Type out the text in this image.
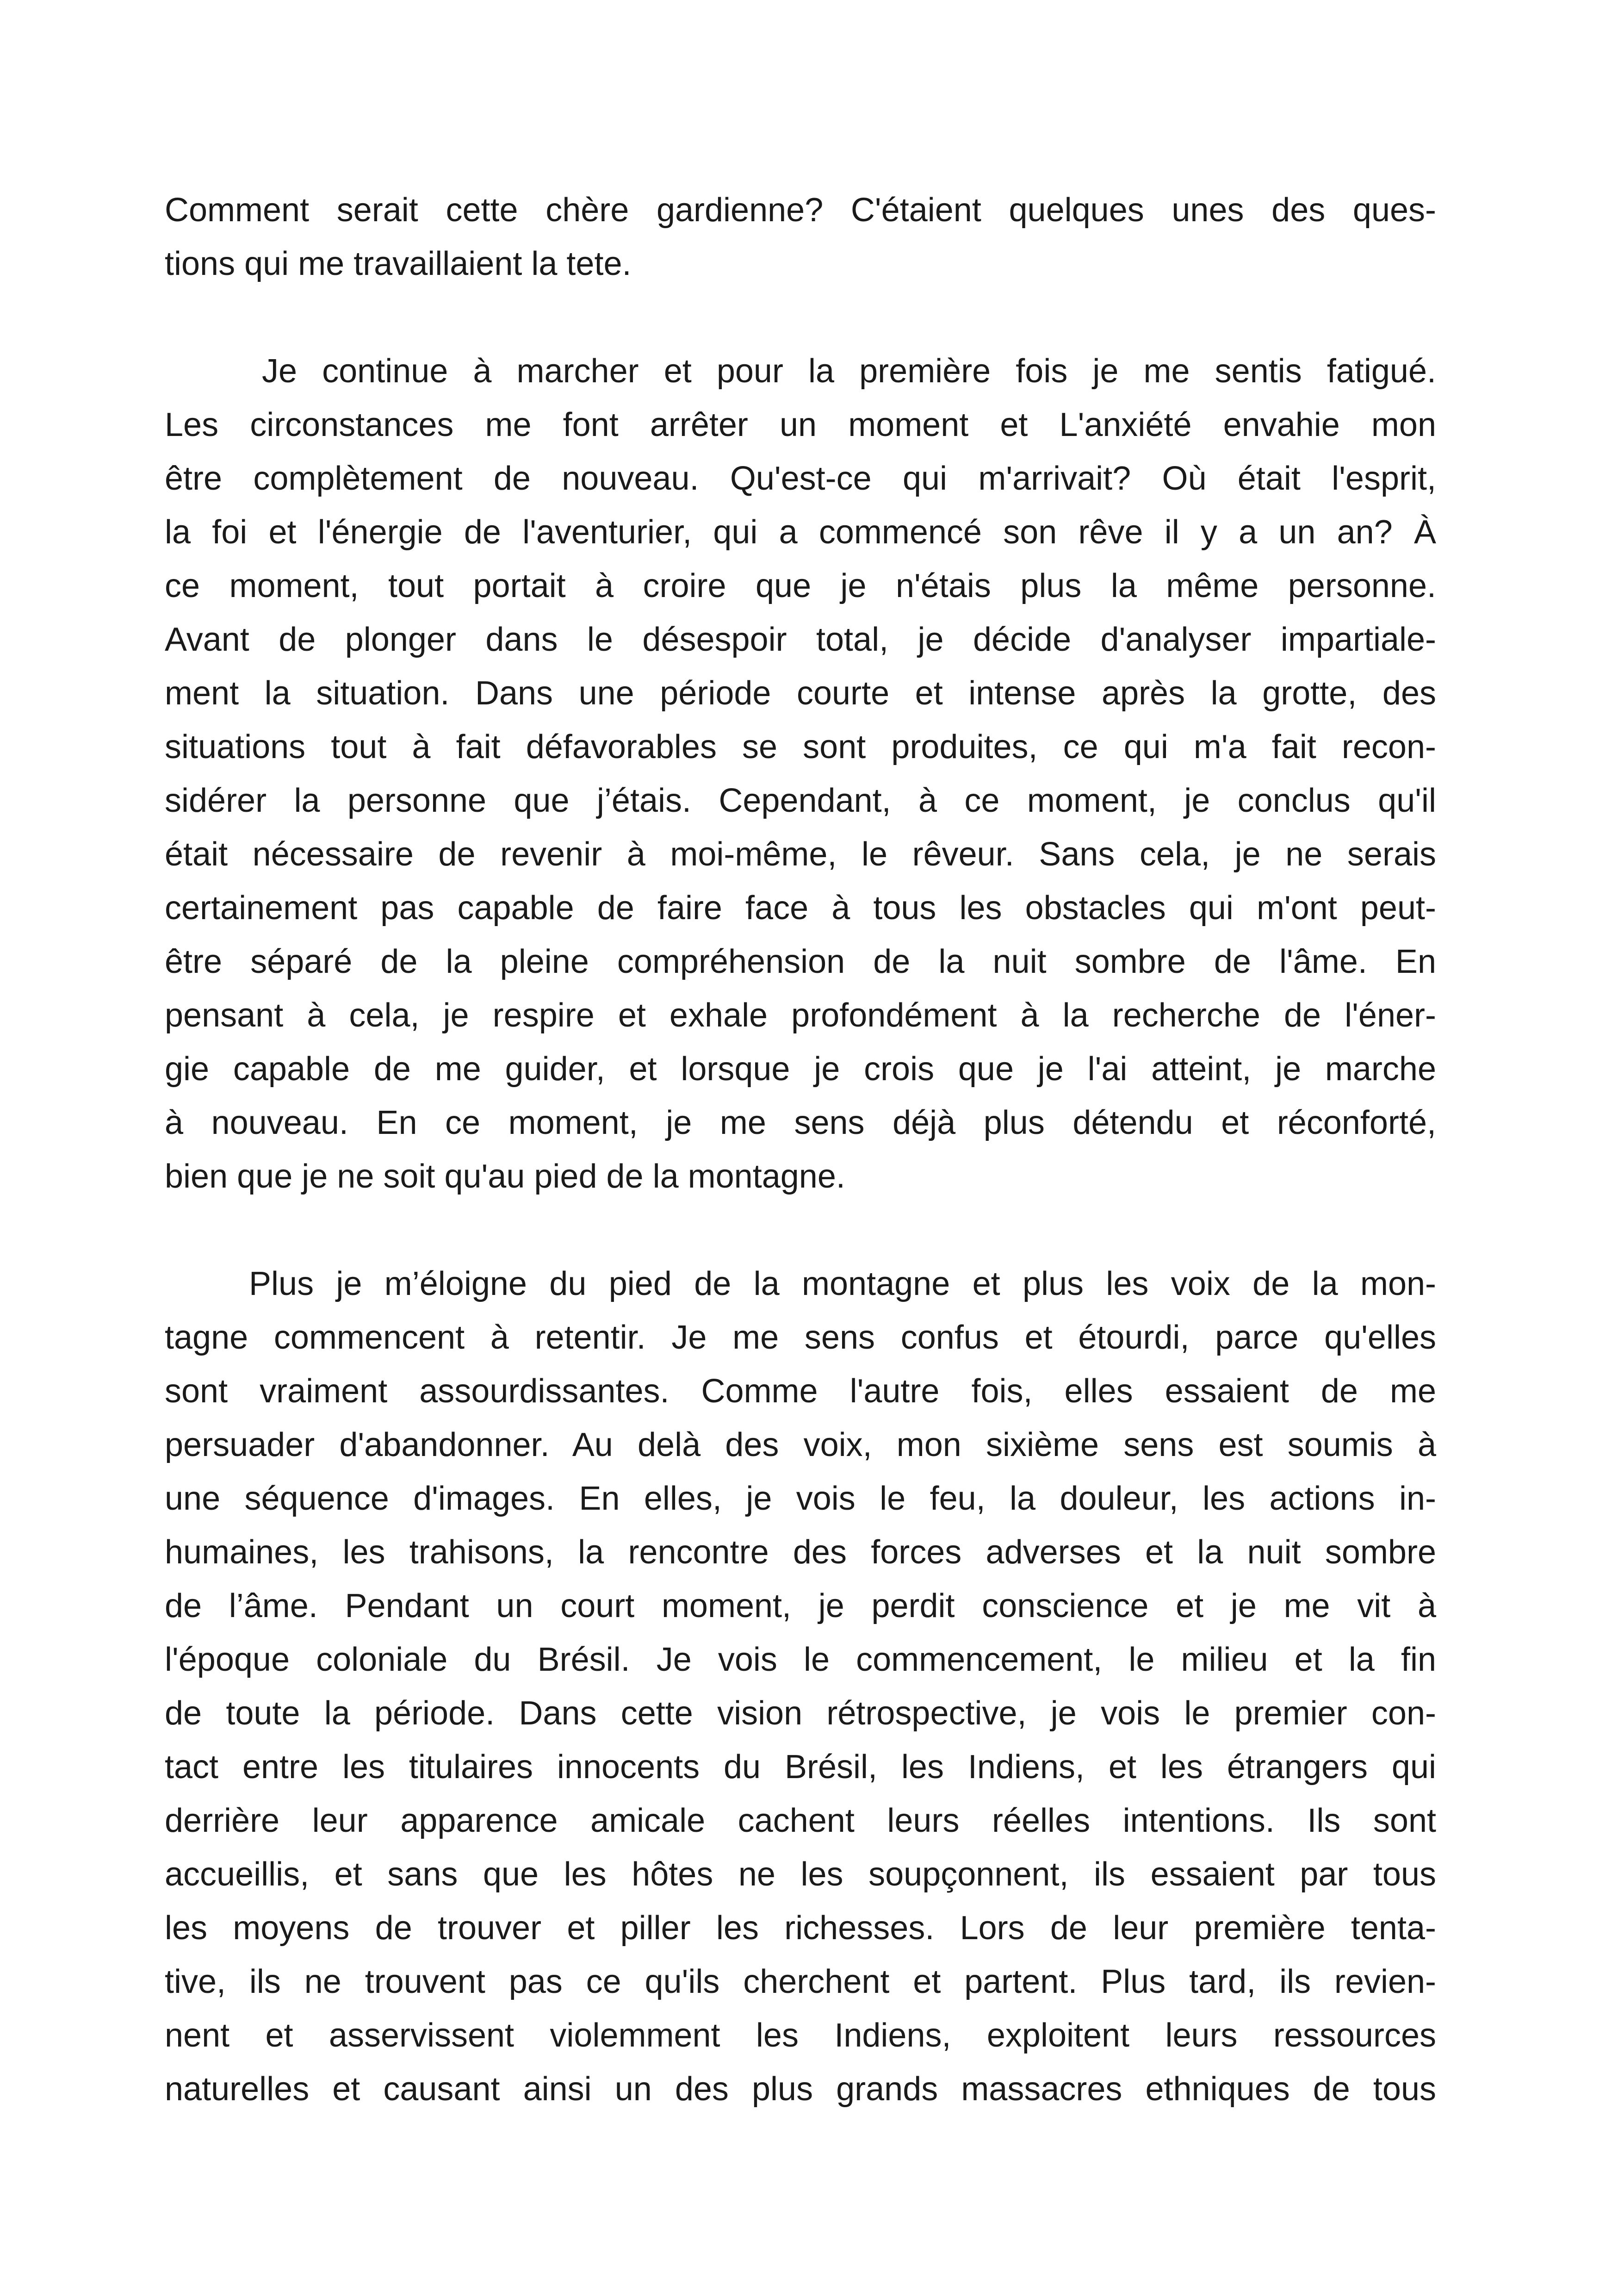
Comment serait cette chère gardienne? C'étaient quelques unes des ques-
tions qui me travaillaient la tete.
Je continue à marcher et pour la première fois je me sentis fatigué.
Les circonstances me font arrêter un moment et L'anxiété envahie mon
être complètement de nouveau. Qu'est-ce qui m'arrivait? Où était l'esprit,
la foi et l'énergie de l'aventurier, qui a commencé son rêve il y a un an? À
ce moment, tout portait à croire que je n'étais plus la même personne.
Avant de plonger dans le désespoir total, je décide d'analyser impartiale-
ment la situation. Dans une période courte et intense après la grotte, des
situations tout à fait défavorables se sont produites, ce qui m'a fait recon-
sidérer la personne que j’étais. Cependant, à ce moment, je conclus qu'il
était nécessaire de revenir à moi-même, le rêveur. Sans cela, je ne serais
certainement pas capable de faire face à tous les obstacles qui m'ont peut-
être séparé de la pleine compréhension de la nuit sombre de l'âme. En
pensant à cela, je respire et exhale profondément à la recherche de l'éner-
gie capable de me guider, et lorsque je crois que je l'ai atteint, je marche
à nouveau. En ce moment, je me sens déjà plus détendu et réconforté,
bien que je ne soit qu'au pied de la montagne.
Plus je m’éloigne du pied de la montagne et plus les voix de la mon-
tagne commencent à retentir. Je me sens confus et étourdi, parce qu'elles
sont vraiment assourdissantes. Comme l'autre fois, elles essaient de me
persuader d'abandonner. Au delà des voix, mon sixième sens est soumis à
une séquence d'images. En elles, je vois le feu, la douleur, les actions in-
humaines, les trahisons, la rencontre des forces adverses et la nuit sombre
de l’âme. Pendant un court moment, je perdit conscience et je me vit à
l'époque coloniale du Brésil. Je vois le commencement, le milieu et la fin
de toute la période. Dans cette vision rétrospective, je vois le premier con-
tact entre les titulaires innocents du Brésil, les Indiens, et les étrangers qui
derrière leur apparence amicale cachent leurs réelles intentions. Ils sont
accueillis, et sans que les hôtes ne les soupçonnent, ils essaient par tous
les moyens de trouver et piller les richesses. Lors de leur première tenta-
tive, ils ne trouvent pas ce qu'ils cherchent et partent. Plus tard, ils revien-
nent et asservissent violemment les Indiens, exploitent leurs ressources
naturelles et causant ainsi un des plus grands massacres ethniques de tous
